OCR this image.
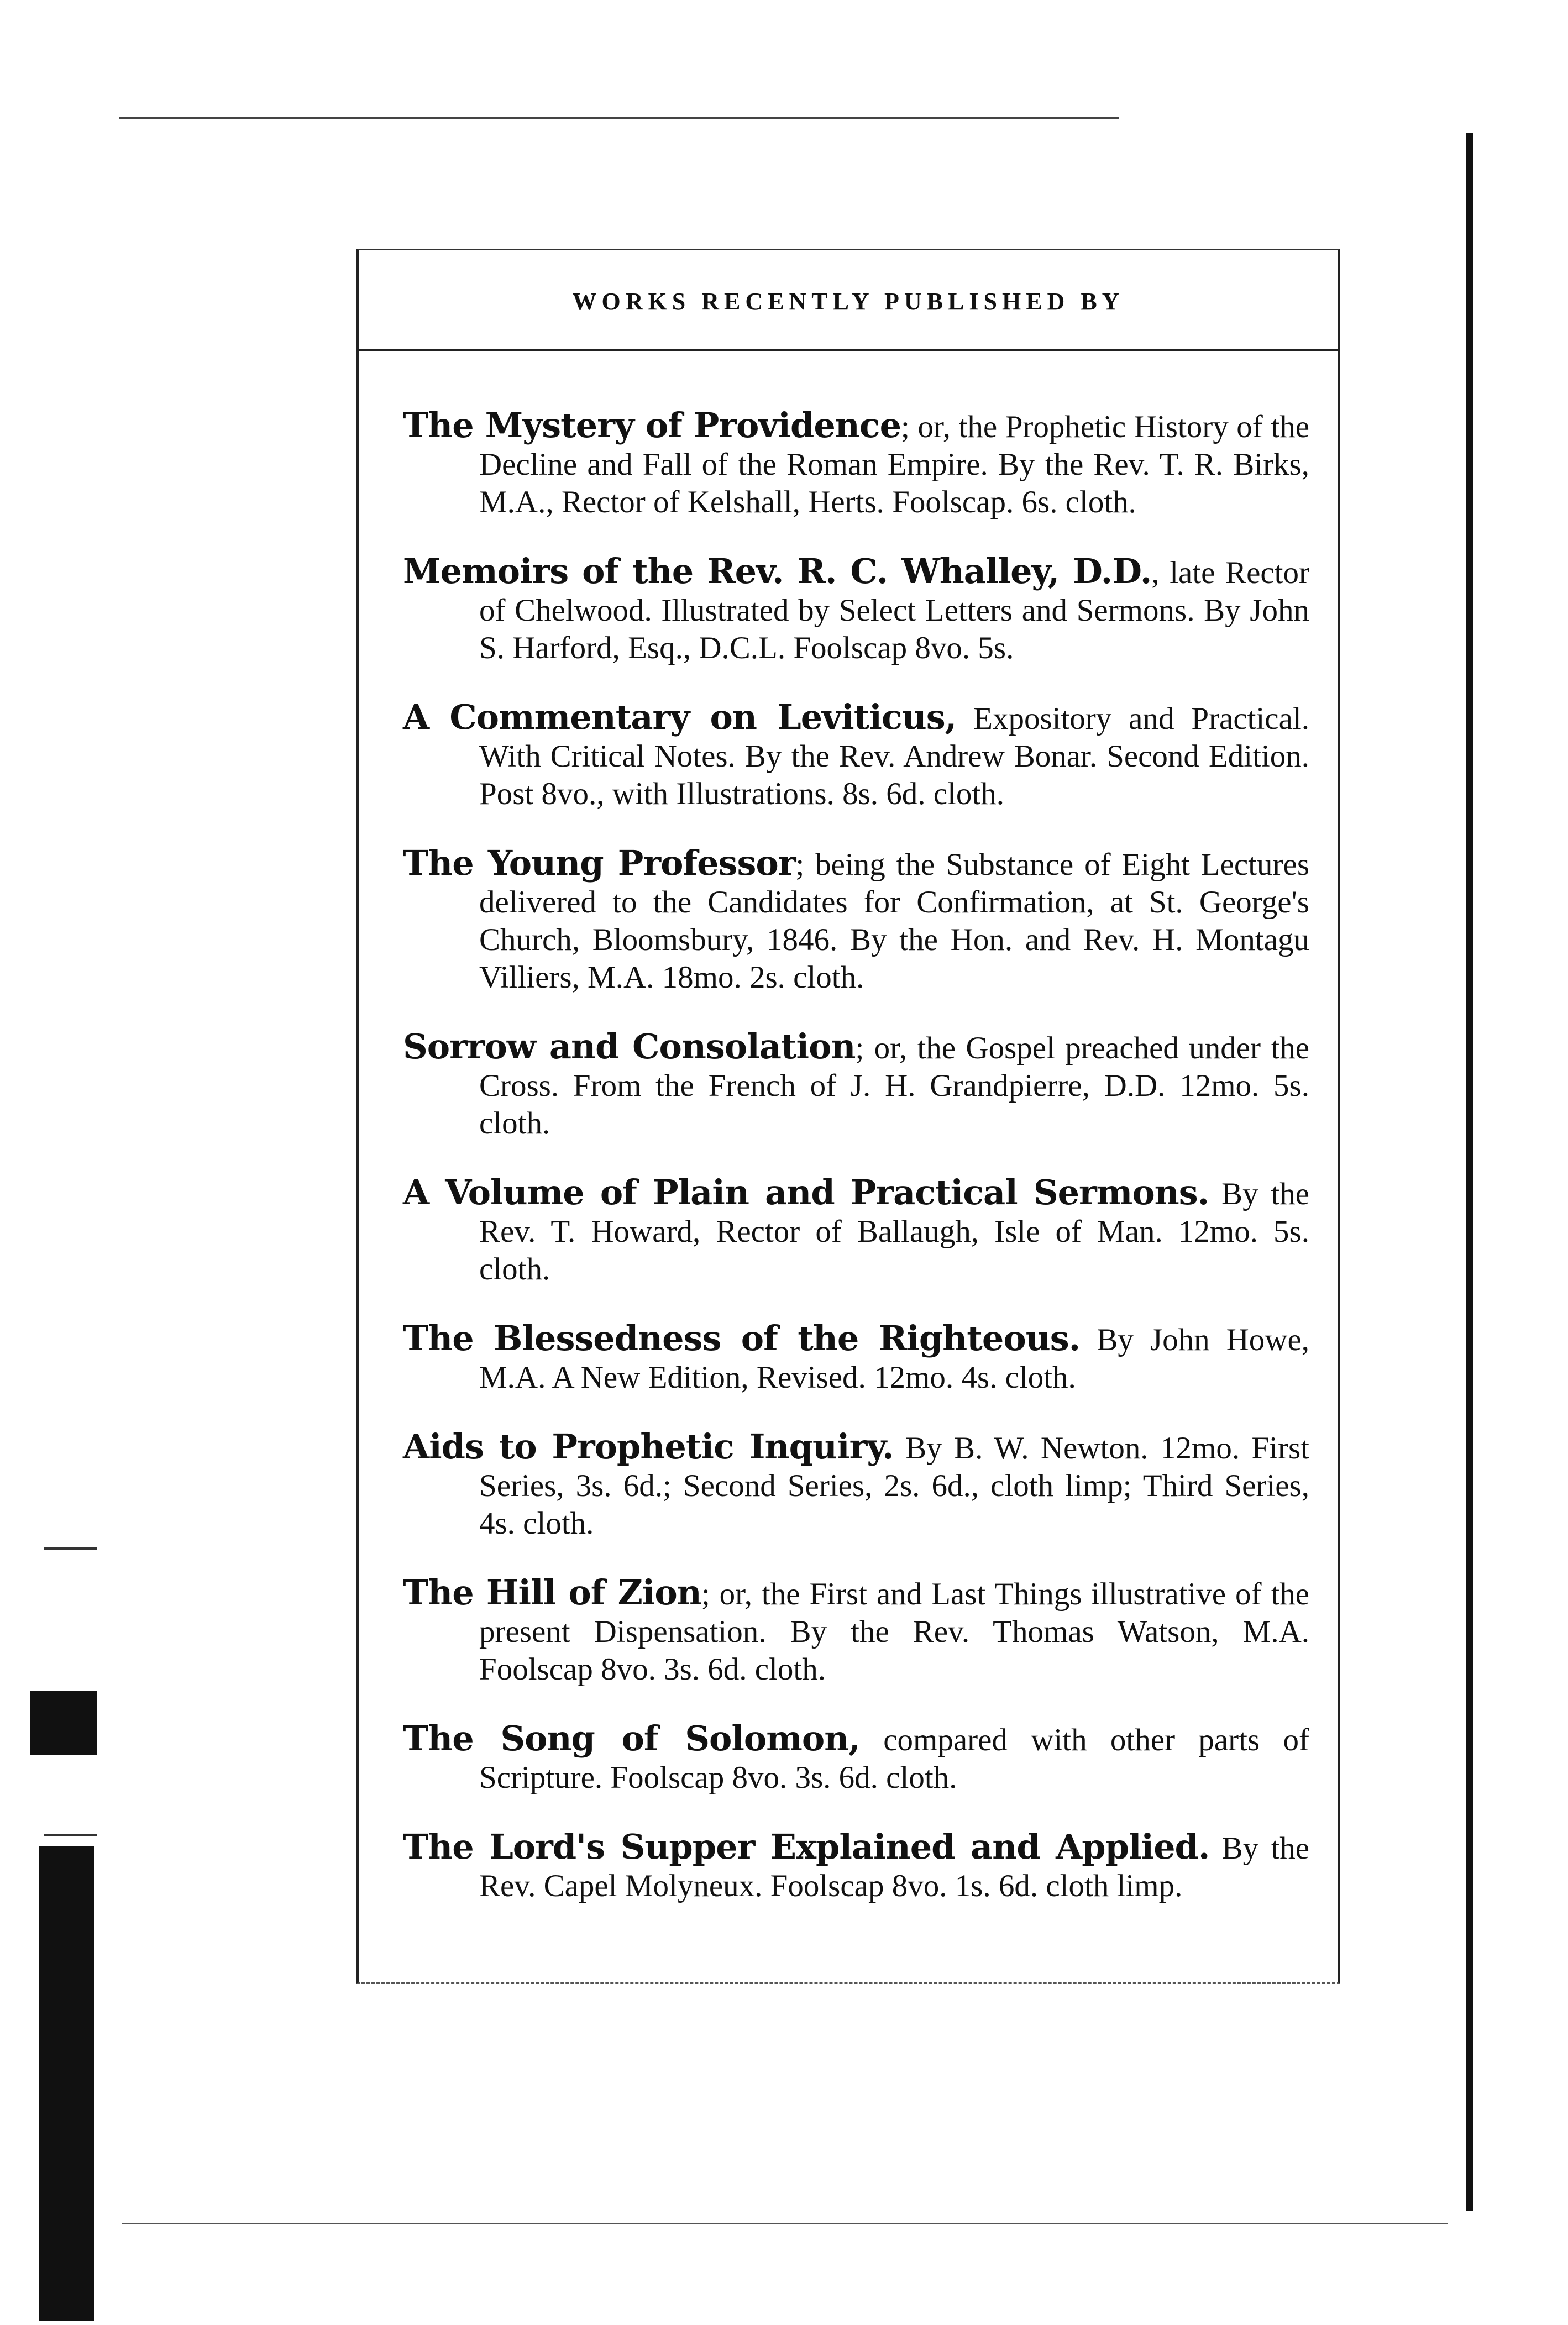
WORKS RECENTLY PUBLISHED BY

The Mystery of Providence; or, the Prophetic History of the Decline and Fall of the Roman Empire. By the Rev. T. R. Birks, M.A., Rector of Kelshall, Herts. Foolscap. 6s. cloth.

Memoirs of the Rev. R. C. Whalley, D.D., late Rector of Chelwood. Illustrated by Select Letters and Sermons. By John S. Harford, Esq., D.C.L. Foolscap 8vo. 5s.

A Commentary on Leviticus, Expository and Practical. With Critical Notes. By the Rev. Andrew Bonar. Second Edition. Post 8vo., with Illustrations. 8s. 6d. cloth.

The Young Professor; being the Substance of Eight Lectures delivered to the Candidates for Confirmation, at St. George's Church, Bloomsbury, 1846. By the Hon. and Rev. H. Montagu Villiers, M.A. 18mo. 2s. cloth.

Sorrow and Consolation; or, the Gospel preached under the Cross. From the French of J. H. Grandpierre, D.D. 12mo. 5s. cloth.

A Volume of Plain and Practical Sermons. By the Rev. T. Howard, Rector of Ballaugh, Isle of Man. 12mo. 5s. cloth.

The Blessedness of the Righteous. By John Howe, M.A. A New Edition, Revised. 12mo. 4s. cloth.

Aids to Prophetic Inquiry. By B. W. Newton. 12mo. First Series, 3s. 6d.; Second Series, 2s. 6d., cloth limp; Third Series, 4s. cloth.

The Hill of Zion; or, the First and Last Things illustrative of the present Dispensation. By the Rev. Thomas Watson, M.A. Foolscap 8vo. 3s. 6d. cloth.

The Song of Solomon, compared with other parts of Scripture. Foolscap 8vo. 3s. 6d. cloth.

The Lord's Supper Explained and Applied. By the Rev. Capel Molyneux. Foolscap 8vo. 1s. 6d. cloth limp.
